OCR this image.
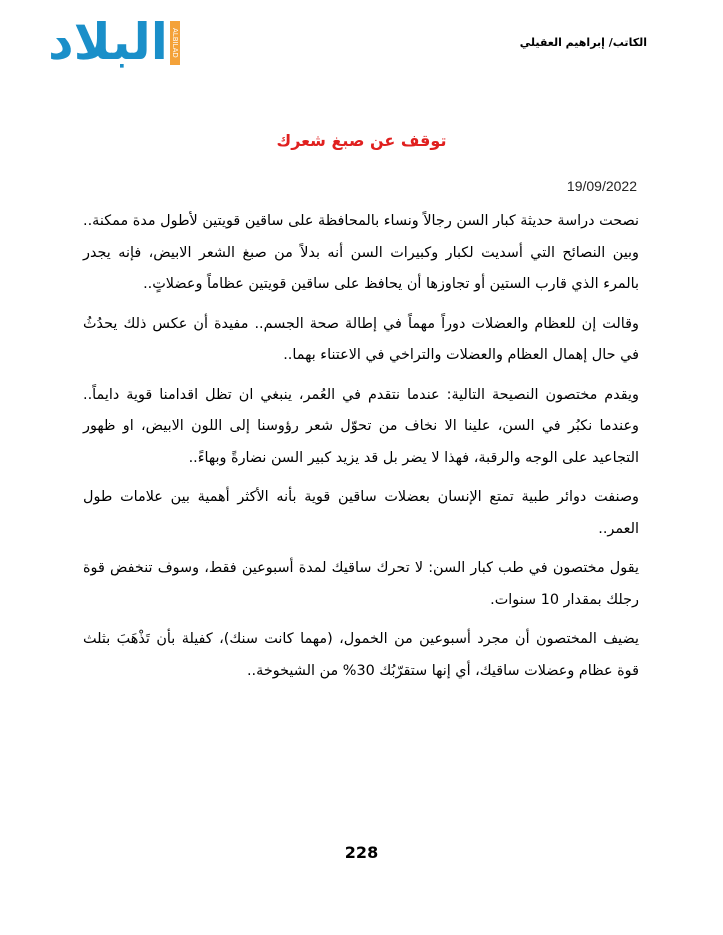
البلاد ALBILAD	الكاتب/ إبراهيم العقيلي
توقف عن صبغ شعرك
19/09/2022

نصحت دراسة حديثة كبار السن رجالاً ونساء بالمحافظة على ساقين قويتين لأطول مدة ممكنة.. وبين النصائح التي أسديت لكبار وكبيرات السن أنه بدلاً من صبغ الشعر الابيض، فإنه يجدر بالمرء الذي قارب الستين أو تجاوزها أن يحافظ على ساقين قويتين عظاماً وعضلاتٍ..

وقالت إن للعظام والعضلات دوراً مهماً في إطالة صحة الجسم.. مفيدة أن عكس ذلك يحدُثُ في حال إهمال العظام والعضلات والتراخي في الاعتناء بهما..

ويقدم مختصون النصيحة التالية: عندما نتقدم في العُمر، ينبغي ان تظل اقدامنا قوية دايماً.. وعندما نكبُر في السن، علينا الا نخاف من تحوّل شعر رؤوسنا إلى اللون الابيض، او ظهور التجاعيد على الوجه والرقبة، فهذا لا يضر بل قد يزيد كبير السن نضارةً وبهاءً..

وصنفت دوائر طبية تمتع الإنسان بعضلات ساقين قوية بأنه الأكثر أهمية بين علامات طول العمر..

يقول مختصون في طب كبار السن: لا تحرك ساقيك لمدة أسبوعين فقط، وسوف تنخفض قوة رجلك بمقدار 10 سنوات.

يضيف المختصون أن مجرد أسبوعين من الخمول، (مهما كانت سنك)، كفيلة بأن تَذْهَبَ بثلث قوة عظام وعضلات ساقيك، أي إنها ستقرّبُك 30% من الشيخوخة..

228
